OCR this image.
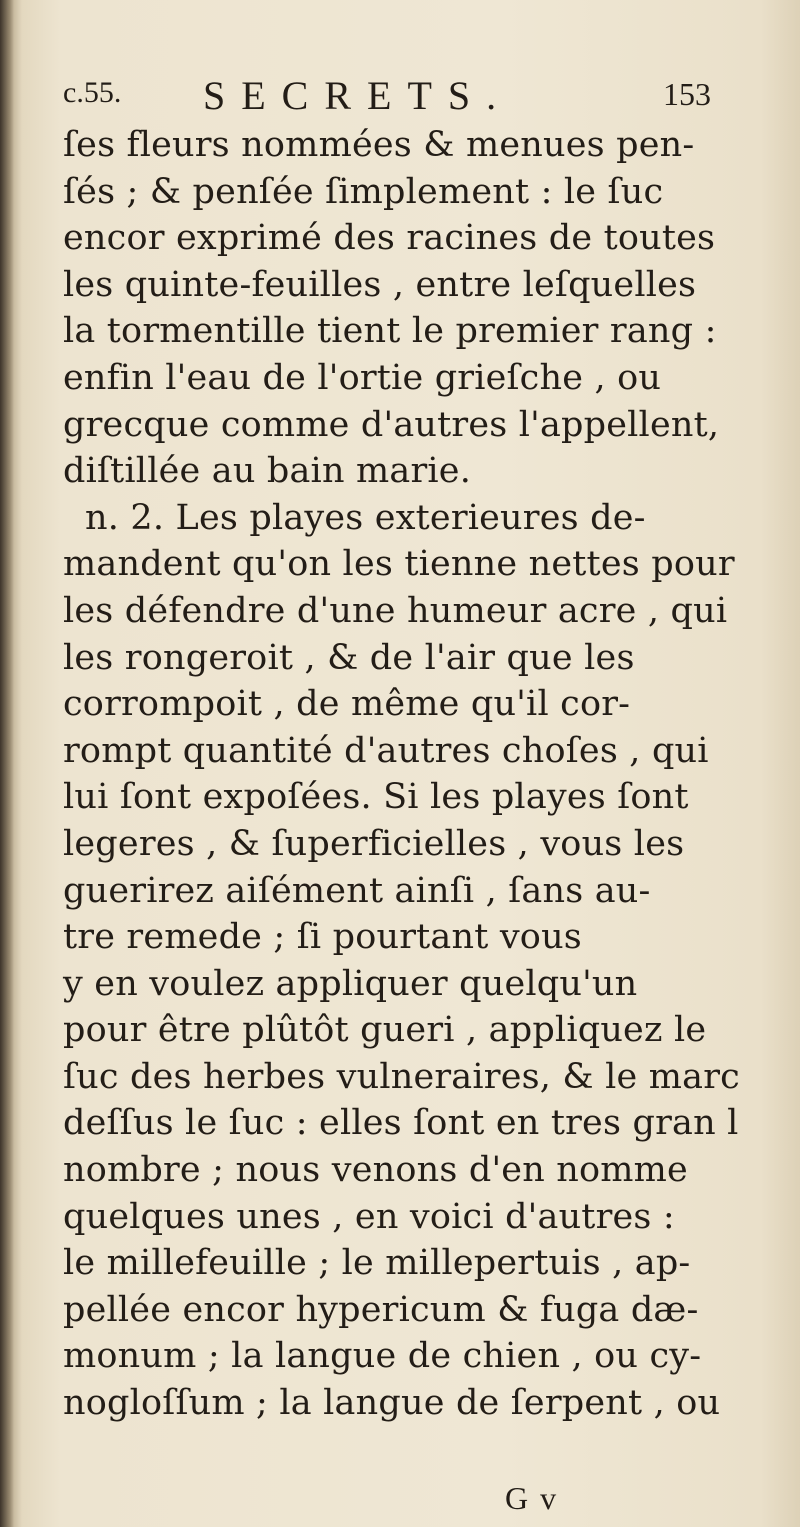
c.55. SECRETS.	153
ſes fleurs nommées & menues pen-
ſés ; & penſée ſimplement : le ſuc
encor exprimé des racines de toutes
les quinte-feuilles , entre leſquelles
la tormentille tient le premier rang :
enfin l'eau de l'ortie grieſche , ou
grecque comme d'autres l'appellent,
diſtillée au bain marie.
n. 2. Les playes exterieures de-
mandent qu'on les tienne nettes pour
les défendre d'une humeur acre , qui
les rongeroit , & de l'air que les
corrompoit , de même qu'il cor-
rompt quantité d'autres choſes , qui
lui ſont expoſées. Si les playes ſont
legeres , & ſuperficielles , vous les
guerirez aiſément ainſi , ſans au-
tre remede ; ſi pourtant vous
y en voulez appliquer quelqu'un
pour être plûtôt gueri , appliquez le
ſuc des herbes vulneraires, & le marc
deſſus le ſuc : elles ſont en tres gran l
nombre ; nous venons d'en nomme
quelques unes , en voici d'autres :
le millefeuille ; le millepertuis , ap-
pellée encor hypericum & fuga dæ-
monum ; la langue de chien , ou cy-
nogloſſum ; la langue de ſerpent , ou
G v
